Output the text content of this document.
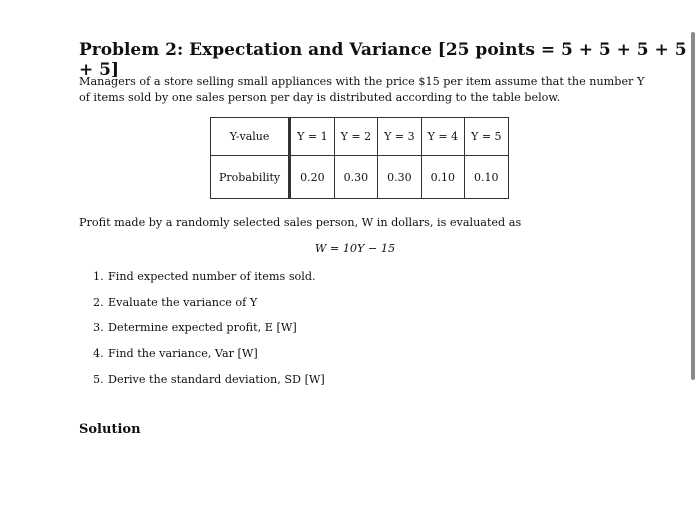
Problem 2: Expectation and Variance [25 points = 5 + 5 + 5 + 5 + 5]

Managers of a store selling small appliances with the price $15 per item assume that the number Y of items sold by one sales person per day is distributed according to the table below.

Y-value	Y = 1	Y = 2	Y = 3	Y = 4	Y = 5
Probability	0.20	0.30	0.30	0.10	0.10

Profit made by a randomly selected sales person, W in dollars, is evaluated as

W = 10Y − 15
1. Find expected number of items sold.
2. Evaluate the variance of Y
3. Determine expected profit, E [W]
4. Find the variance, Var [W]
5. Derive the standard deviation, SD [W]
Solution
